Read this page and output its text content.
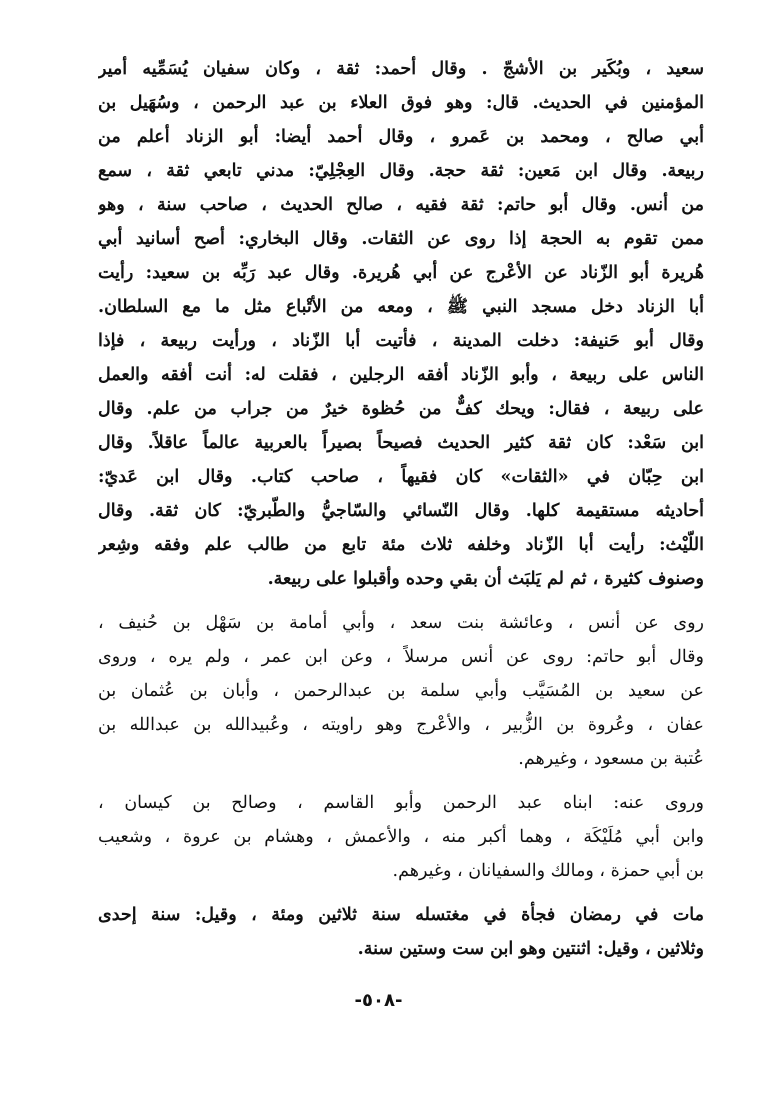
سعيد ، وبُكَير بن الأشجّ . وقال أحمد: ثقة ، وكان سفيان يُسَمِّيه أمير
المؤمنين في الحديث. قال: وهو فوق العلاء بن عبد الرحمن ، وسُهَيل بن
أبي صالح ، ومحمد بن عَمرو ، وقال أحمد أيضا: أبو الزناد أعلم من
ربيعة. وقال ابن مَعين: ثقة حجة. وقال العِجْلِيّ: مدني تابعي ثقة ، سمع
من أنس. وقال أبو حاتم: ثقة فقيه ، صالح الحديث ، صاحب سنة ، وهو
ممن تقوم به الحجة إذا روى عن الثقات. وقال البخاري: أصح أسانيد أبي
هُريرة أبو الزّناد عن الأعْرج عن أبي هُريرة. وقال عبد رَبِّه بن سعيد: رأيت
أبا الزناد دخل مسجد النبي ﷺ ، ومعه من الأتْباع مثل ما مع السلطان.
وقال أبو حَنيفة: دخلت المدينة ، فأتيت أبا الزّناد ، ورأيت ربيعة ، فإذا
الناس على ربيعة ، وأبو الزّناد أفقه الرجلين ، فقلت له: أنت أفقه والعمل
على ربيعة ، فقال: ويحك كفٌّ من حُظوة خيرٌ من جراب من علم. وقال
ابن سَعْد: كان ثقة كثير الحديث فصيحاً بصيراً بالعربية عالماً عاقلاً. وقال
ابن حِبّان في «الثقات» كان فقيهاً ، صاحب كتاب. وقال ابن عَديّ:
أحاديثه مستقيمة كلها. وقال النّسائي والسّاجيُّ والطّبريّ: كان ثقة. وقال
اللّيْث: رأيت أبا الزّناد وخلفه ثلاث مئة تابع من طالب علم وفقه وشِعر
وصنوف كثيرة ، ثم لم يَلبَث أن بقي وحده وأقبلوا على ربيعة.
روى عن أنس ، وعائشة بنت سعد ، وأبي أمامة بن سَهْل بن حُنيف ،
وقال أبو حاتم: روى عن أنس مرسلاً ، وعن ابن عمر ، ولم يره ، وروى
عن سعيد بن المُسَيَّب وأبي سلمة بن عبدالرحمن ، وأبان بن عُثمان بن
عفان ، وعُروة بن الزُّبير ، والأعْرج وهو راويته ، وعُبيدالله بن عبدالله بن
عُتبة بن مسعود ، وغيرهم.
وروى عنه: ابناه عبد الرحمن وأبو القاسم ، وصالح بن كيسان ،
وابن أبي مُلَيْكَة ، وهما أكبر منه ، والأعمش ، وهشام بن عروة ، وشعيب
بن أبي حمزة ، ومالك والسفيانان ، وغيرهم.
مات في رمضان فجأة في مغتسله سنة ثلاثين ومئة ، وقيل: سنة إحدى
وثلاثين ، وقيل: اثنتين وهو ابن ست وستين سنة.
-٥٠٨-
